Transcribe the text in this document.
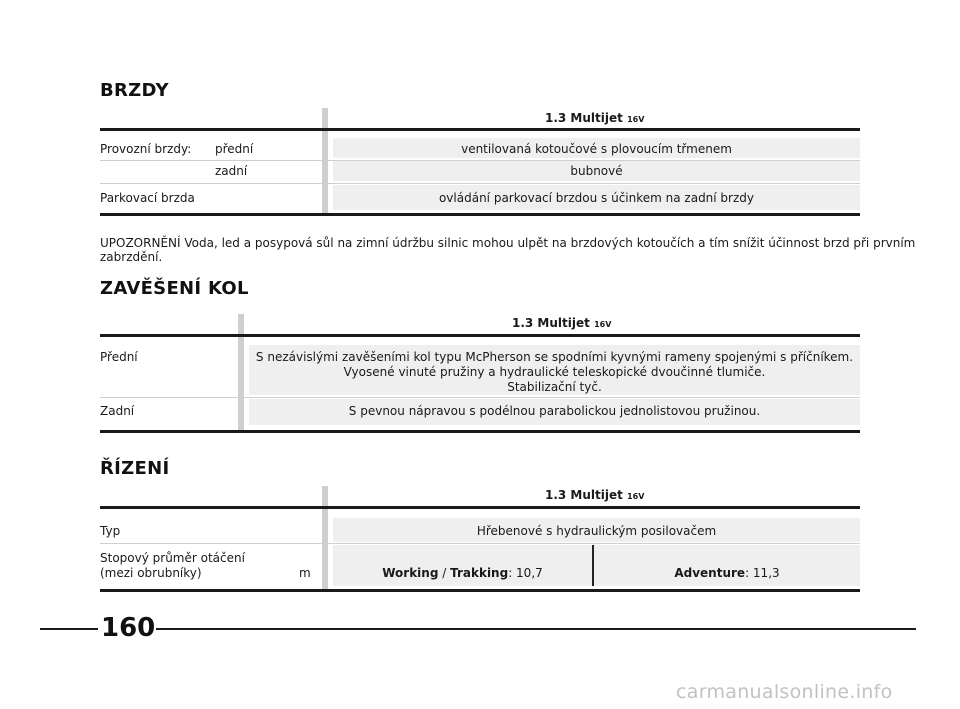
BRZDY
1.3 Multijet 16V
Provozní brzdy: přední	ventilovaná kotoučové s plovoucím třmenem
zadní	bubnové
Parkovací brzda	ovládání parkovací brzdou s účinkem na zadní brzdy
UPOZORNĚNÍ Voda, led a posypová sůl na zimní údržbu silnic mohou ulpět na brzdových kotoučích a tím snížit účinnost brzd při prvním
zabrzdění.
ZAVĚŠENÍ KOL
1.3 Multijet 16V
Přední	S nezávislými zavěšeními kol typu McPherson se spodními kyvnými rameny spojenými s příčníkem.
Vyosené vinuté pružiny a hydraulické teleskopické dvoučinné tlumiče.
Stabilizační tyč.
Zadní	S pevnou nápravou s podélnou parabolickou jednolistovou pružinou.
ŘÍZENÍ
1.3 Multijet 16V
Typ	Hřebenové s hydraulickým posilovačem
Stopový průměr otáčení
(mezi obrubníky)	m	Working / Trakking: 10,7	Adventure: 11,3
160
carmanualsonline.info
